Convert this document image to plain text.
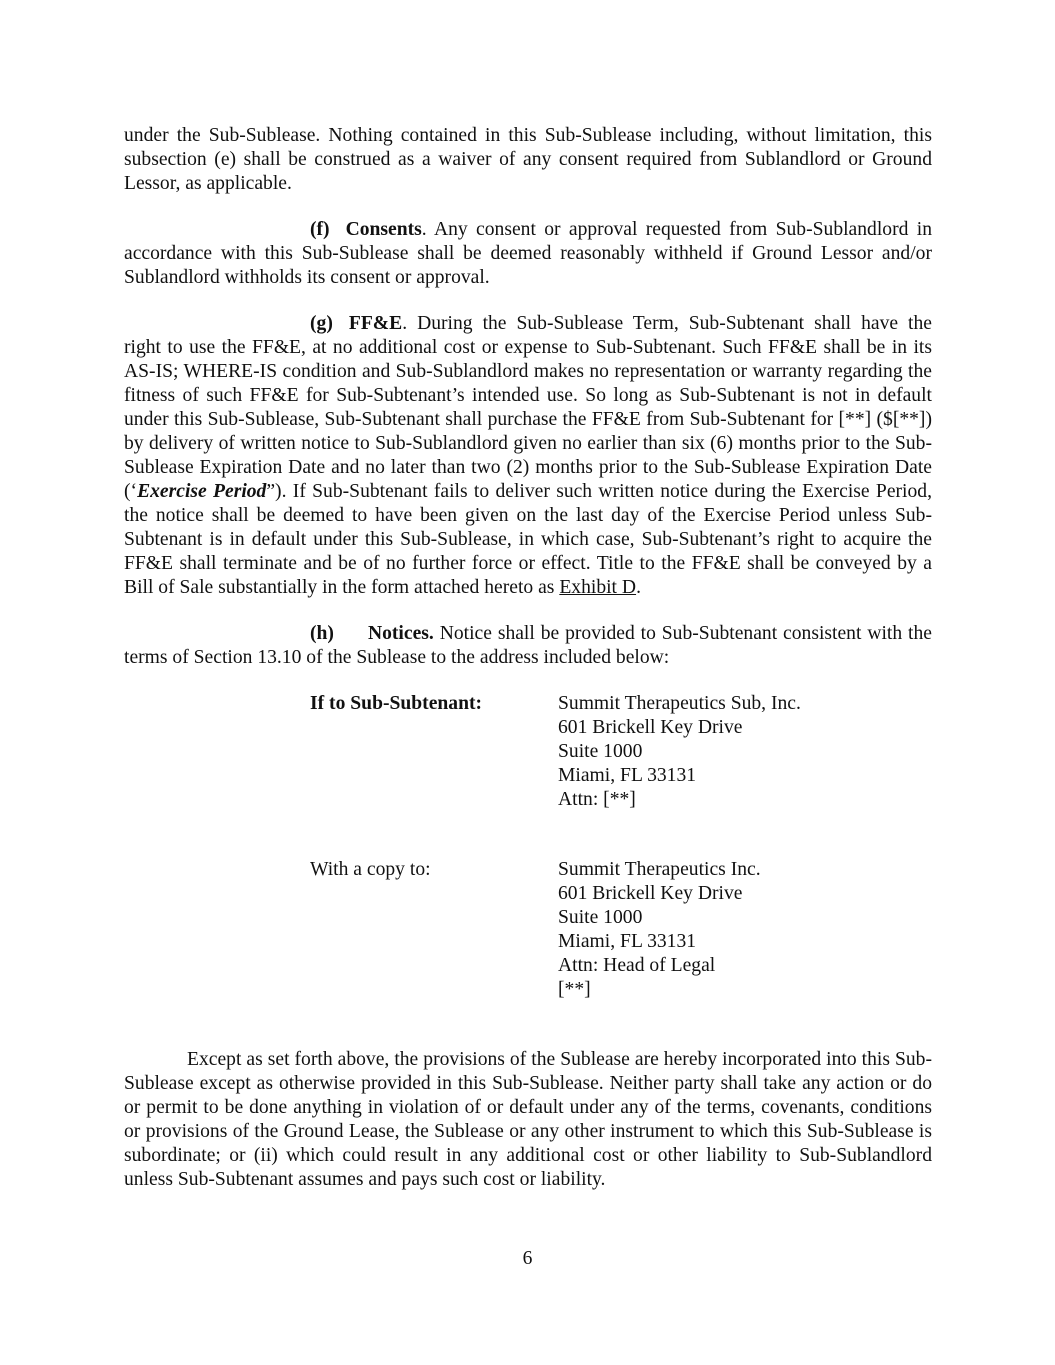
under the Sub-Sublease. Nothing contained in this Sub-Sublease including, without limitation, this subsection (e) shall be construed as a waiver of any consent required from Sublandlord or Ground Lessor, as applicable.

(f) Consents. Any consent or approval requested from Sub-Sublandlord in accordance with this Sub-Sublease shall be deemed reasonably withheld if Ground Lessor and/or Sublandlord withholds its consent or approval.

(g) FF&E. During the Sub-Sublease Term, Sub-Subtenant shall have the right to use the FF&E, at no additional cost or expense to Sub-Subtenant. Such FF&E shall be in its AS-IS; WHERE-IS condition and Sub-Sublandlord makes no representation or warranty regarding the fitness of such FF&E for Sub-Subtenant’s intended use. So long as Sub-Subtenant is not in default under this Sub-Sublease, Sub-Subtenant shall purchase the FF&E from Sub-Subtenant for [**] ($[**]) by delivery of written notice to Sub-Sublandlord given no earlier than six (6) months prior to the Sub-Sublease Expiration Date and no later than two (2) months prior to the Sub-Sublease Expiration Date (‘Exercise Period”). If Sub-Subtenant fails to deliver such written notice during the Exercise Period, the notice shall be deemed to have been given on the last day of the Exercise Period unless Sub-Subtenant is in default under this Sub-Sublease, in which case, Sub-Subtenant’s right to acquire the FF&E shall terminate and be of no further force or effect. Title to the FF&E shall be conveyed by a Bill of Sale substantially in the form attached hereto as Exhibit D.

(h) Notices. Notice shall be provided to Sub-Subtenant consistent with the terms of Section 13.10 of the Sublease to the address included below:

If to Sub-Subtenant:	Summit Therapeutics Sub, Inc.
601 Brickell Key Drive
Suite 1000
Miami, FL 33131
Attn: [**]
With a copy to:	Summit Therapeutics Inc.
601 Brickell Key Drive
Suite 1000
Miami, FL 33131
Attn: Head of Legal
[**]

Except as set forth above, the provisions of the Sublease are hereby incorporated into this Sub-Sublease except as otherwise provided in this Sub-Sublease. Neither party shall take any action or do or permit to be done anything in violation of or default under any of the terms, covenants, conditions or provisions of the Ground Lease, the Sublease or any other instrument to which this Sub-Sublease is subordinate; or (ii) which could result in any additional cost or other liability to Sub-Sublandlord unless Sub-Subtenant assumes and pays such cost or liability.

6
